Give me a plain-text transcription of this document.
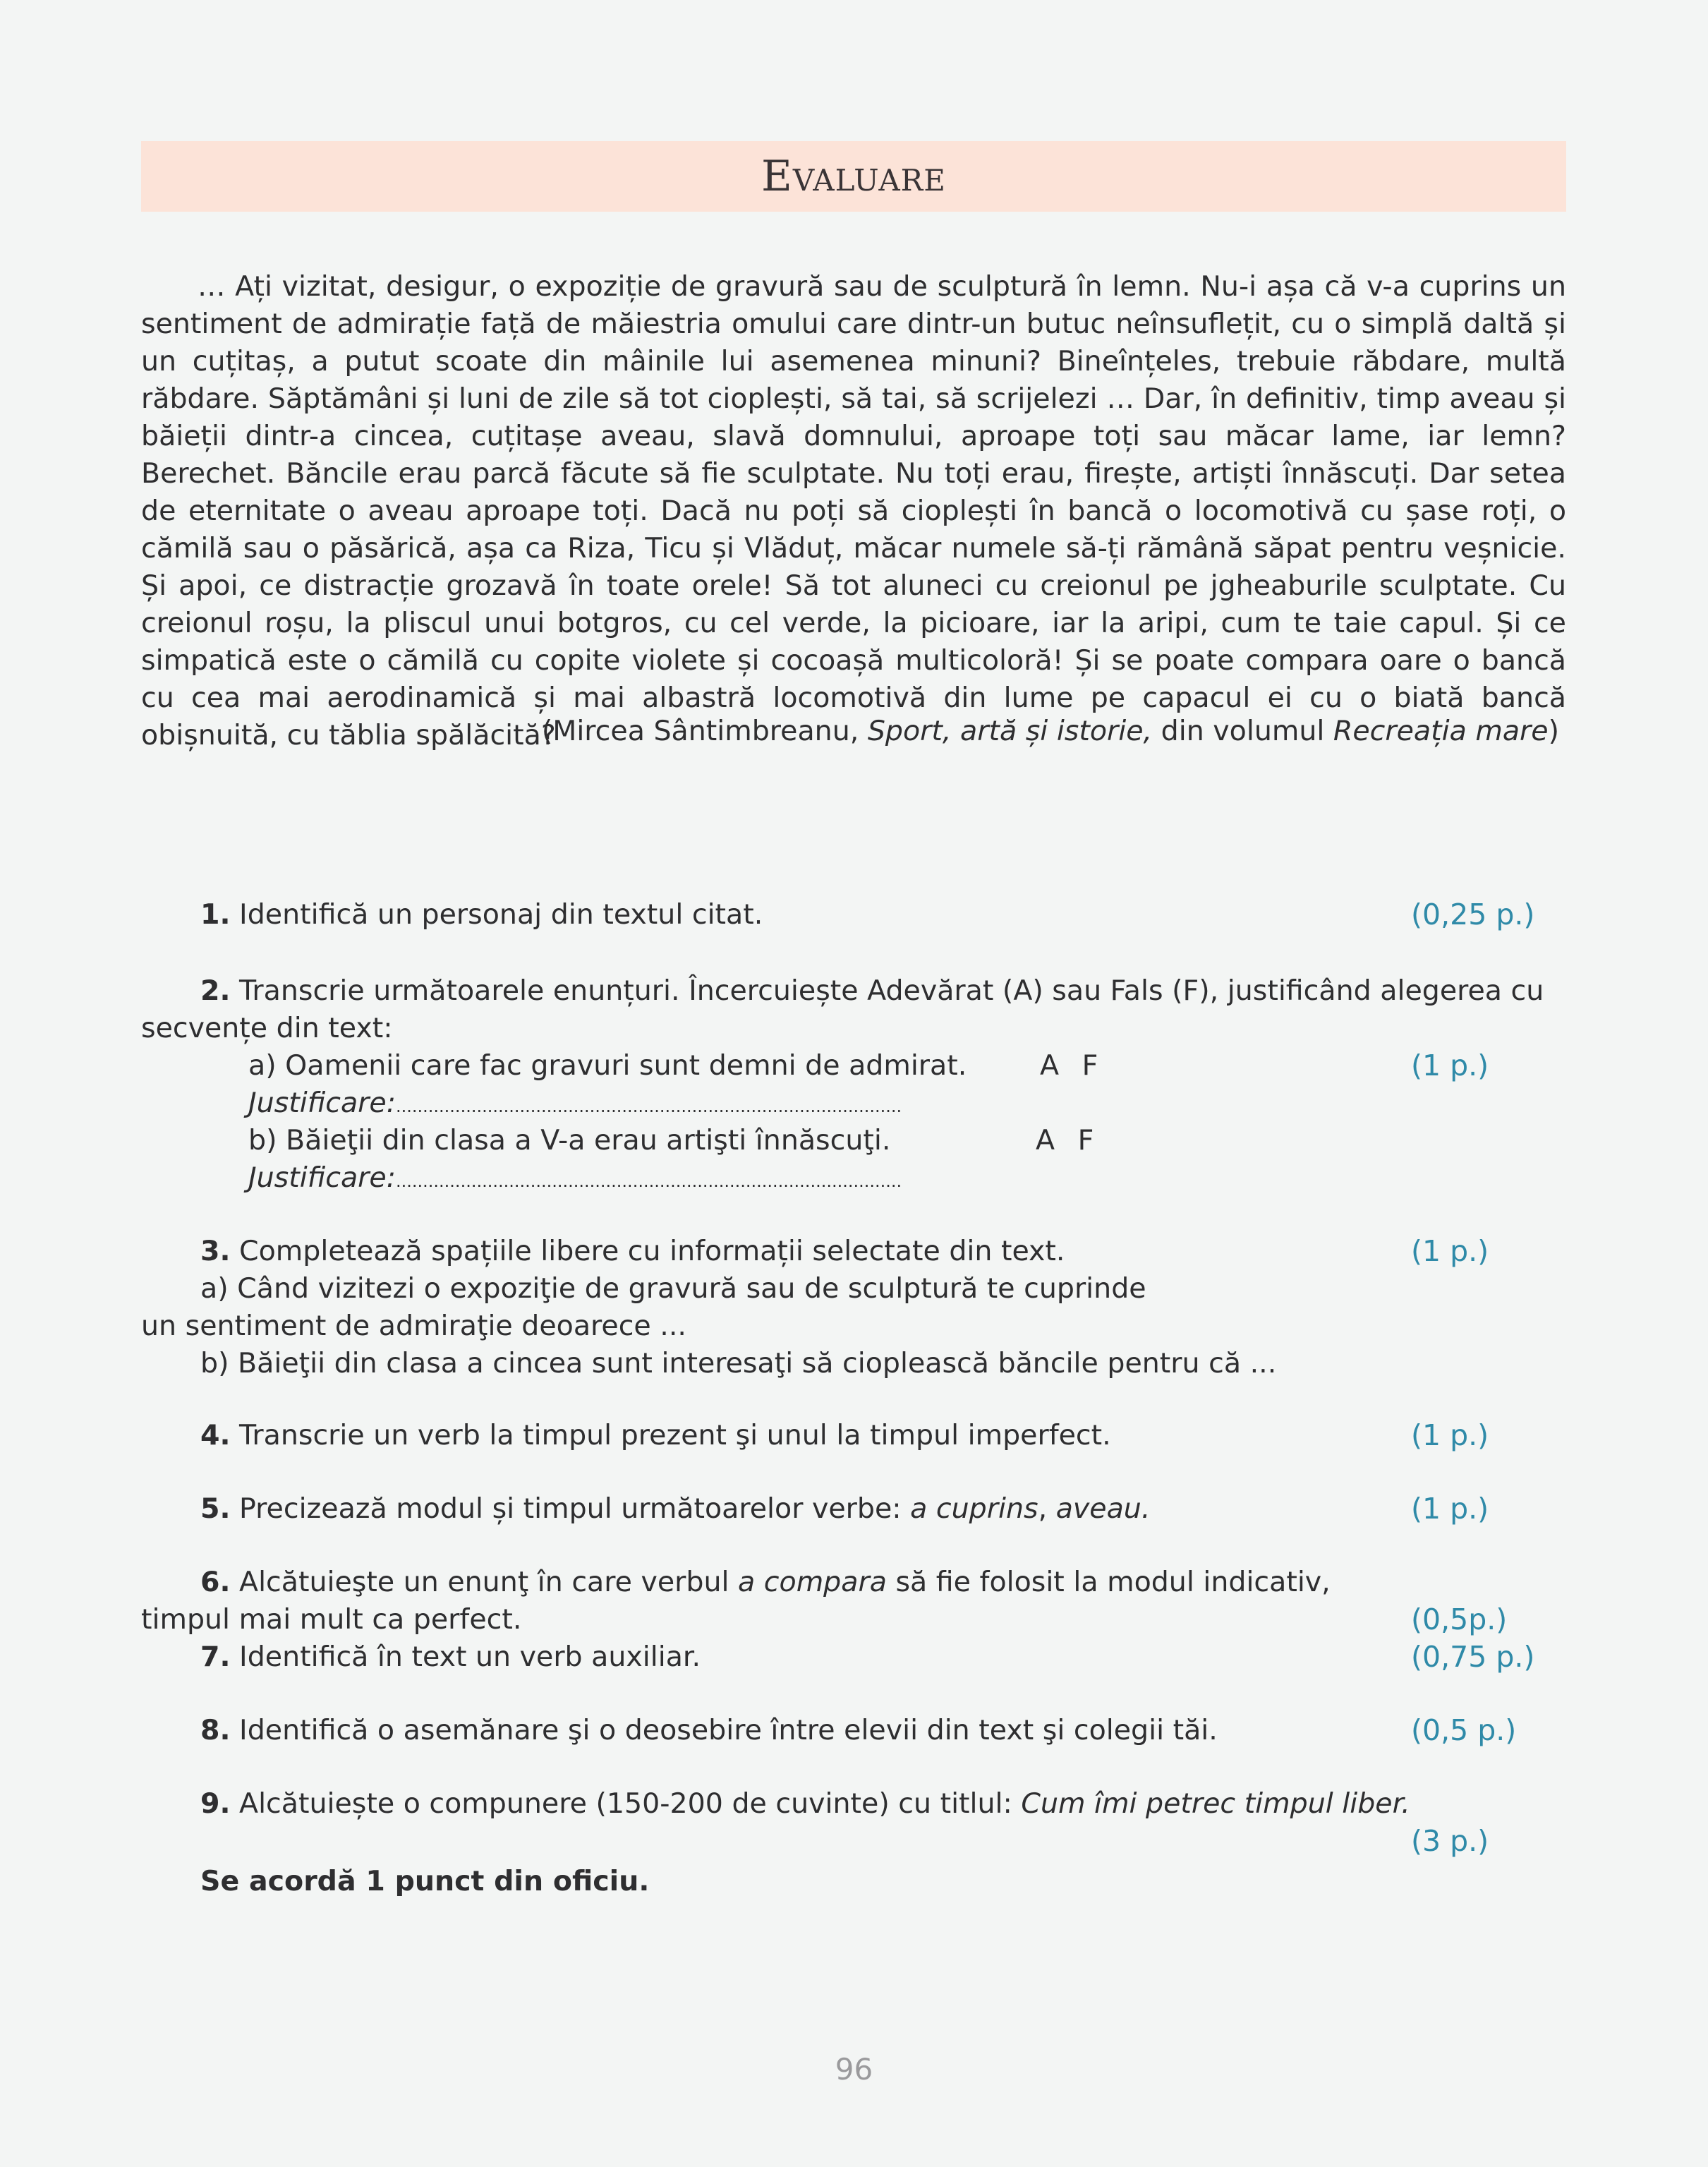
Evaluare

… Ați vizitat, desigur, o expoziție de gravură sau de sculptură în lemn. Nu-i așa că v-a cuprins un sentiment de admirație față de măiestria omului care dintr-un butuc neînsuflețit, cu o simplă daltă și un cuțitaș, a putut scoate din mâinile lui asemenea minuni? Bineînțeles, trebuie răbdare, multă răbdare. Săptămâni și luni de zile să tot cioplești, să tai, să scrijelezi … Dar, în definitiv, timp aveau și băieții dintr-a cincea, cuțitașe aveau, slavă domnului, aproape toți sau măcar lame, iar lemn? Berechet. Băncile erau parcă făcute să fie sculptate. Nu toți erau, firește, artiști înnăscuți. Dar setea de eternitate o aveau aproape toți. Dacă nu poți să cioplești în bancă o locomotivă cu șase roți, o cămilă sau o păsărică, așa ca Riza, Ticu și Vlăduț, măcar numele să-ți rămână săpat pentru veșnicie. Și apoi, ce distracție grozavă în toate orele! Să tot aluneci cu creionul pe jgheaburile sculptate. Cu creionul roșu, la pliscul unui botgros, cu cel verde, la picioare, iar la aripi, cum te taie capul. Și ce simpatică este o cămilă cu copite violete și cocoașă multicoloră! Și se poate compara oare o bancă cu cea mai aerodinamică și mai albastră locomotivă din lume pe capacul ei cu o biată bancă obișnuită, cu tăblia spălăcită?

(Mircea Sântimbreanu, Sport, artă și istorie, din volumul Recreația mare)

1. Identifică un personaj din textul citat.	(0,25 p.)
2. Transcrie următoarele enunțuri. Încercuiește Adevărat (A) sau Fals (F), justificând alegerea cu
secvențe din text:
a) Oamenii care fac gravuri sunt demni de admirat.	A F	(1 p.)
Justificare:..............................................................................................
b) Băieţii din clasa a V-a erau artişti înnăscuţi.	A F
Justificare:..............................................................................................
3. Completează spațiile libere cu informații selectate din text.	(1 p.)
a) Când vizitezi o expoziţie de gravură sau de sculptură te cuprinde
un sentiment de admiraţie deoarece ...
b) Băieţii din clasa a cincea sunt interesaţi să cioplească băncile pentru că ...
4. Transcrie un verb la timpul prezent şi unul la timpul imperfect.	(1 p.)
5. Precizează modul și timpul următoarelor verbe: a cuprins, aveau.	(1 p.)
6. Alcătuieşte un enunţ în care verbul a compara să fie folosit la modul indicativ,
timpul mai mult ca perfect.	(0,5p.)
7. Identifică în text un verb auxiliar.	(0,75 p.)
8. Identifică o asemănare şi o deosebire între elevii din text şi colegii tăi.	(0,5 p.)
9. Alcătuiește o compunere (150-200 de cuvinte) cu titlul: Cum îmi petrec timpul liber.
(3 p.)
Se acordă 1 punct din oficiu.
96
